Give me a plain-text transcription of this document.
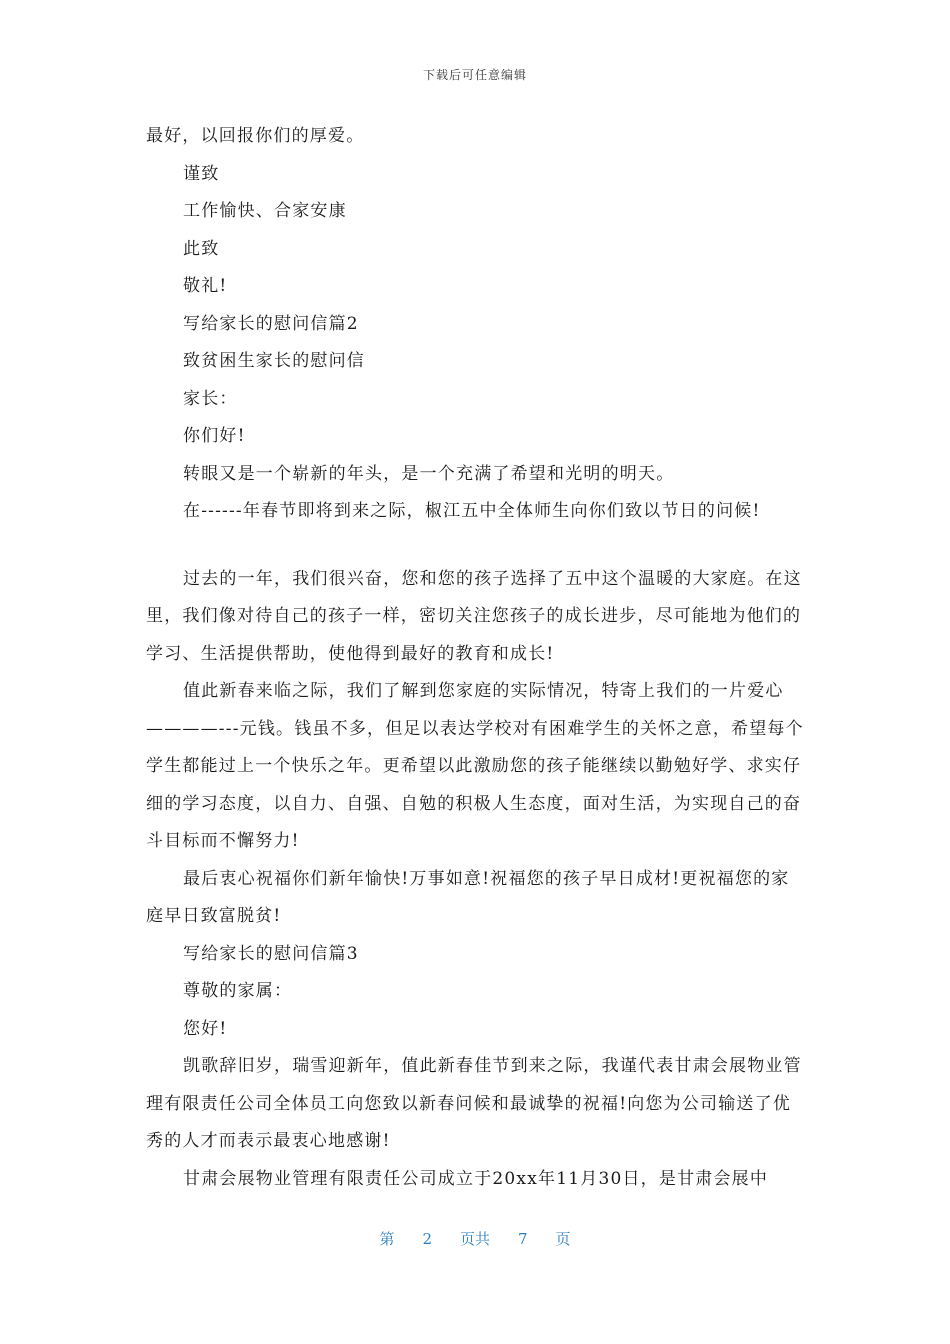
下载后可任意编辑

最好，以回报你们的厚爱。

谨致

工作愉快、合家安康

此致

敬礼!

写给家长的慰问信篇2

致贫困生家长的慰问信

家长：

你们好!

转眼又是一个崭新的年头，是一个充满了希望和光明的明天。

在------年春节即将到来之际，椒江五中全体师生向你们致以节日的问候!

过去的一年，我们很兴奋，您和您的孩子选择了五中这个温暖的大家庭。在这里，我们像对待自己的孩子一样，密切关注您孩子的成长进步，尽可能地为他们的学习、生活提供帮助，使他得到最好的教育和成长!

值此新春来临之际，我们了解到您家庭的实际情况，特寄上我们的一片爱心————---元钱。钱虽不多，但足以表达学校对有困难学生的关怀之意，希望每个学生都能过上一个快乐之年。更希望以此激励您的孩子能继续以勤勉好学、求实仔细的学习态度，以自力、自强、自勉的积极人生态度，面对生活，为实现自己的奋斗目标而不懈努力!

最后衷心祝福你们新年愉快!万事如意!祝福您的孩子早日成材!更祝福您的家庭早日致富脱贫!

写给家长的慰问信篇3

尊敬的家属：

您好!

凯歌辞旧岁，瑞雪迎新年，值此新春佳节到来之际，我谨代表甘肃会展物业管理有限责任公司全体员工向您致以新春问候和最诚挚的祝福!向您为公司输送了优秀的人才而表示最衷心地感谢!

甘肃会展物业管理有限责任公司成立于20xx年11月30日，是甘肃会展中

第 2 页共 7 页
